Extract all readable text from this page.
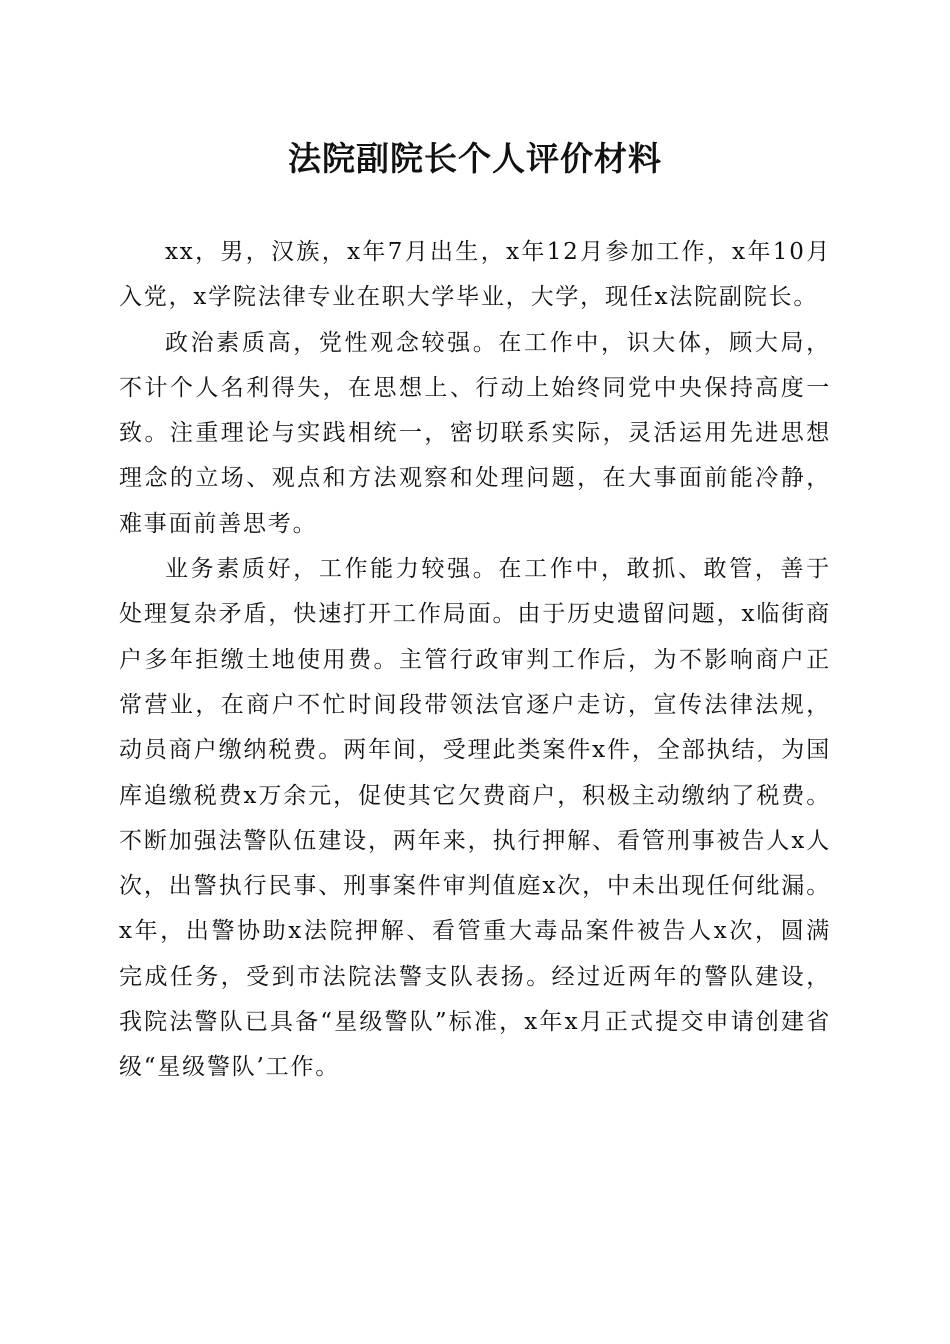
法院副院长个人评价材料

xx，男，汉族，x年7月出生，x年12月参加工作，x年10月入党，x学院法律专业在职大学毕业，大学，现任x法院副院长。

政治素质高，党性观念较强。在工作中，识大体，顾大局，不计个人名利得失，在思想上、行动上始终同党中央保持高度一致。注重理论与实践相统一，密切联系实际，灵活运用先进思想理念的立场、观点和方法观察和处理问题，在大事面前能冷静，难事面前善思考。

业务素质好，工作能力较强。在工作中，敢抓、敢管，善于处理复杂矛盾，快速打开工作局面。由于历史遗留问题，x临街商户多年拒缴土地使用费。主管行政审判工作后，为不影响商户正常营业，在商户不忙时间段带领法官逐户走访，宣传法律法规，动员商户缴纳税费。两年间，受理此类案件x件，全部执结，为国库追缴税费x万余元，促使其它欠费商户，积极主动缴纳了税费。不断加强法警队伍建设，两年来，执行押解、看管刑事被告人x人次，出警执行民事、刑事案件审判值庭x次，中未出现任何纰漏。x年，出警协助x法院押解、看管重大毒品案件被告人x次，圆满完成任务，受到市法院法警支队表扬。经过近两年的警队建设，我院法警队已具备“星级警队”标准，x年x月正式提交申请创建省级“星级警队’工作。
